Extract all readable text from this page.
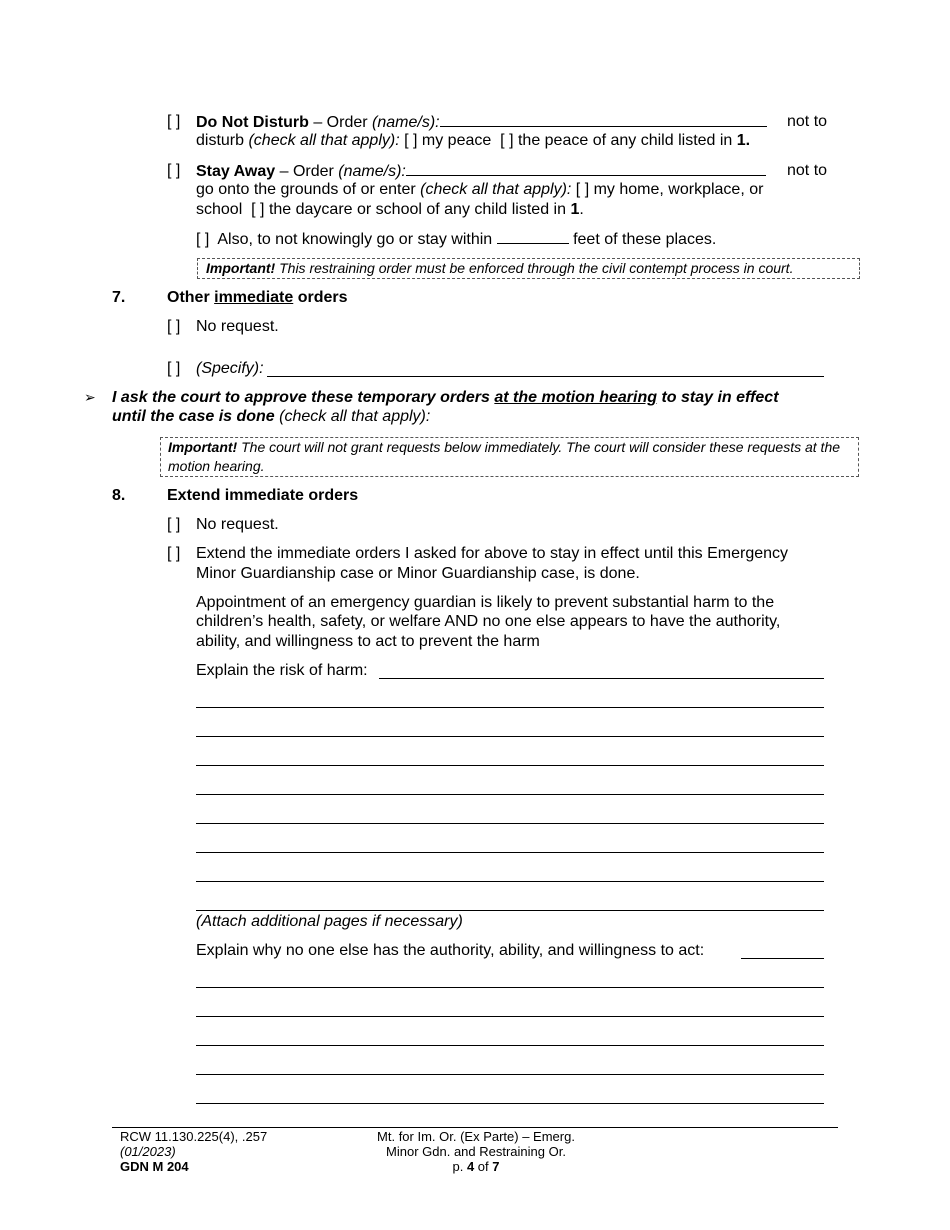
[ ] Do Not Disturb – Order (name/s):	not to
disturb (check all that apply): [ ] my peace [ ] the peace of any child listed in 1.
[ ] Stay Away – Order (name/s):	not to
go onto the grounds of or enter (check all that apply): [ ] my home, workplace, or
school  [ ] the daycare or school of any child listed in 1.
[ ] Also, to not knowingly go or stay within	feet of these places.
Important! This restraining order must be enforced through the civil contempt process in court.
7.	Other immediate orders
[ ] No request.
[ ] (Specify):
➢ I ask the court to approve these temporary orders at the motion hearing to stay in effect
until the case is done (check all that apply):
Important! The court will not grant requests below immediately. The court will consider these requests at the motion hearing.
8.	Extend immediate orders
[ ] No request.
[ ] Extend the immediate orders I asked for above to stay in effect until this Emergency
Minor Guardianship case or Minor Guardianship case, is done.
Appointment of an emergency guardian is likely to prevent substantial harm to the
children’s health, safety, or welfare AND no one else appears to have the authority,
ability, and willingness to act to prevent the harm
Explain the risk of harm:
(Attach additional pages if necessary)
Explain why no one else has the authority, ability, and willingness to act:
RCW 11.130.225(4), .257
(01/2023)
GDN M 204
Mt. for Im. Or. (Ex Parte) – Emerg.
Minor Gdn. and Restraining Or.
p. 4 of 7
